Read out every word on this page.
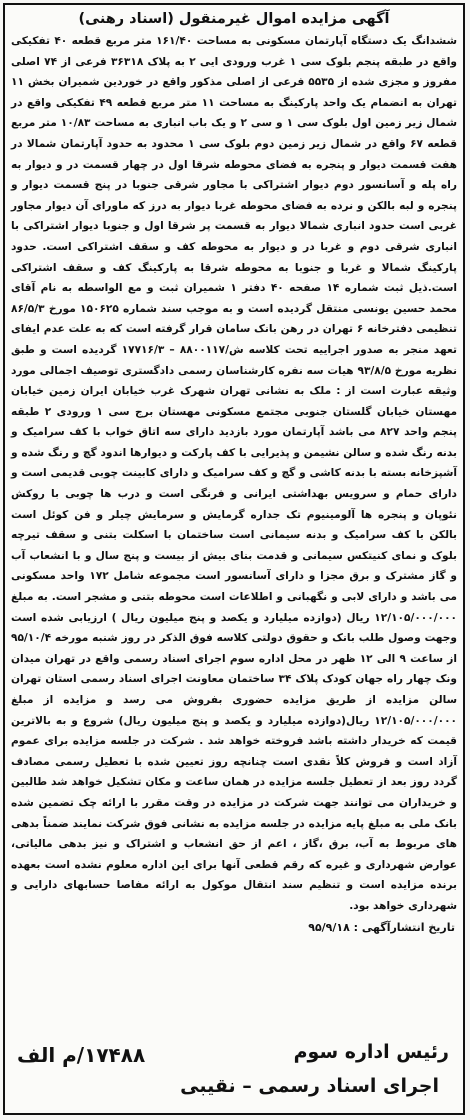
آگهی مزایده اموال غیرمنقول (اسناد رهنی)

ششدانگ یک دستگاه آپارتمان مسکونی به مساحت ۱۶۱/۴۰ متر مربع قطعه ۴۰ تفکیکی واقع در طبقه پنجم بلوک سی ۱ غرب ورودی ایی ۲ به پلاک ۳۶۳۱۸ فرعی از ۷۴ اصلی مفروز و مجزی شده از ۵۵۳۵ فرعی از اصلی مذکور واقع در خوردین شمیران بخش ۱۱ تهران به انضمام یک واحد پارکینگ به مساحت ۱۱ متر مربع قطعه ۴۹ تفکیکی واقع در شمال زیر زمین اول بلوک سی ۱ و سی ۲ و یک باب انباری به مساحت ۱۰/۸۳ متر مربع قطعه ۶۷ واقع در شمال زیر زمین دوم بلوک سی ۱ محدود به حدود آپارتمان شمالا در هفت قسمت دیوار و پنجره به فضای محوطه شرقا اول در چهار قسمت در و دیوار به راه پله و آسانسور دوم دیوار اشتراکی با مجاور شرقی جنوبا در پنج قسمت دیوار و پنجره و لبه بالکن و نرده به فضای محوطه غربا دیوار به درز که ماورای آن دیوار مجاور غربی است حدود انباری شمالا دیوار به قسمت پر شرقا اول و جنوبا دیوار اشتراکی با انباری شرقی دوم و غربا در و دیوار به محوطه کف و سقف اشتراکی است. حدود پارکینگ شمالا و غربا و جنوبا به محوطه شرقا به پارکینگ کف و سقف اشتراکی است.ذیل ثبت شماره ۱۴ صفحه ۴۰ دفتر ۱ شمیران ثبت و مع الواسطه به نام آقای محمد حسین یونسی منتقل گردیده است و به موجب سند شماره ۱۵۰۶۲۵ مورخ ۸۶/۵/۳ تنظیمی دفترخانه ۶ تهران در رهن بانک سامان قرار گرفته است که به علت عدم ایفای تعهد منجر به صدور اجراییه تحت کلاسه ش/۸۸۰۰۱۱۷ – ۱۷۷۱۶/۳ گردیده است و طبق نظریه مورخ ۹۳/۸/۵ هیات سه نفره کارشناسان رسمی دادگستری توصیف اجمالی مورد وثیقه عبارت است از : ملک به نشانی تهران شهرک غرب خیابان ایران زمین خیابان مهستان خیابان گلستان جنوبی مجتمع مسکونی مهستان برج سی ۱ ورودی ۲ طبقه پنجم واحد ۸۲۷ می باشد آپارتمان مورد بازدید دارای سه اتاق خواب با کف سرامیک و بدنه رنگ شده و سالن نشیمن و پذیرایی با کف پارکت و دیوارها اندود گچ و رنگ شده و آشپزخانه بسته با بدنه کاشی و گچ و کف سرامیک و دارای کابینت چوبی قدیمی است و دارای حمام و سرویس بهداشتی ایرانی و فرنگی است و درب ها چوبی با روکش نئوپان و پنجره ها آلومینیوم تک جداره گرمایش و سرمایش چیلر و فن کوئل است بالکن با کف سرامیک و بدنه سیمانی است ساختمان با اسکلت بتنی و سقف تیرچه بلوک و نمای کنیتکس سیمانی و قدمت بنای بیش از بیست و پنج سال و با انشعاب آب و گاز مشترک و برق مجزا و دارای آسانسور است مجموعه شامل ۱۷۲ واحد مسکونی می باشد و دارای لابی و نگهبانی و اطلاعات است محوطه بتنی و مشجر است. به مبلغ ۱۲/۱۰۵/۰۰۰/۰۰۰ ریال (دوازده میلیارد و یکصد و پنج میلیون ریال ) ارزیابی شده است وجهت وصول طلب بانک و حقوق دولتی کلاسه فوق الذکر در روز شنبه مورخه ۹۵/۱۰/۴ از ساعت ۹ الی ۱۲ ظهر در محل اداره سوم اجرای اسناد رسمی واقع در تهران میدان ونک چهار راه جهان کودک پلاک ۳۴ ساختمان معاونت اجرای اسناد رسمی استان تهران سالن مزایده از طریق مزایده حضوری بفروش می رسد و مزایده از مبلغ ۱۲/۱۰۵/۰۰۰/۰۰۰ ریال(دوازده میلیارد و یکصد و پنج میلیون ریال) شروع و به بالاترین قیمت که خریدار داشته باشد فروخته خواهد شد . شرکت در جلسه مزایده برای عموم آزاد است و فروش کلاً نقدی است چنانچه روز تعیین شده با تعطیل رسمی مصادف گردد روز بعد از تعطیل جلسه مزایده در همان ساعت و مکان تشکیل خواهد شد طالبین و خریداران می توانند جهت شرکت در مزایده در وقت مقرر با ارائه چک تضمین شده بانک ملی به مبلغ پایه مزایده در جلسه مزایده به نشانی فوق شرکت نمایند ضمناً بدهی های مربوط به آب، برق ،گاز ، اعم از حق انشعاب و اشتراک و نیز بدهی مالیاتی، عوارض شهرداری و غیره که رقم قطعی آنها برای این اداره معلوم نشده است بعهده برنده مزایده است و تنظیم سند انتقال موکول به ارائه مفاصا حسابهای دارایی و شهرداری خواهد بود.

تاریخ انتشارآگهی : ۹۵/۹/۱۸
رئیس اداره سوم
اجرای اسناد رسمی – نقیبی
۱۷۴۸۸/م الف
